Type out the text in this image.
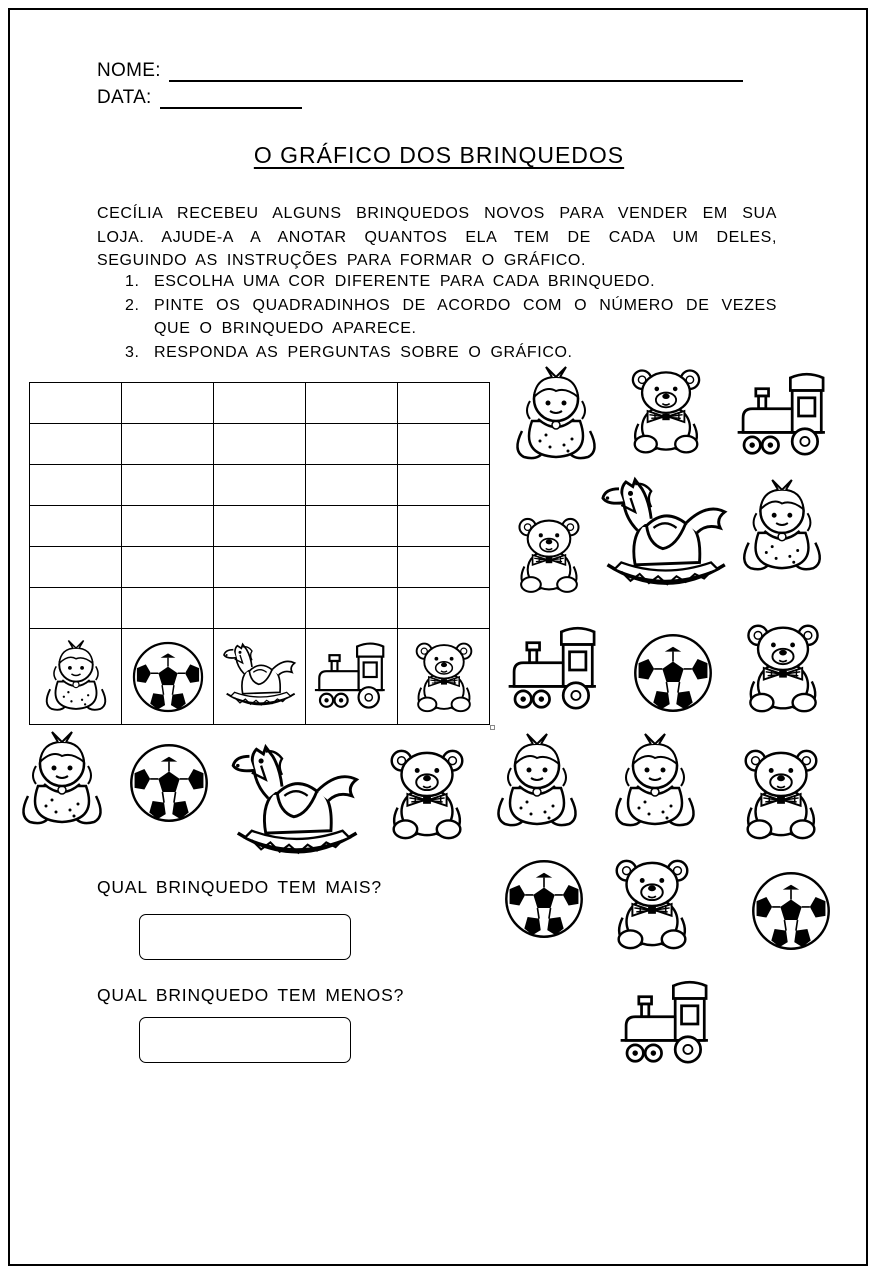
NOME:
DATA:
O GRÁFICO DOS BRINQUEDOS
CECÍLIA RECEBEU ALGUNS BRINQUEDOS NOVOS PARA VENDER EM SUA LOJA. AJUDE-A A ANOTAR QUANTOS ELA TEM DE CADA UM DELES, SEGUINDO AS INSTRUÇÕES PARA FORMAR O GRÁFICO.
1. ESCOLHA UMA COR DIFERENTE PARA CADA BRINQUEDO.
2. PINTE OS QUADRADINHOS DE ACORDO COM O NÚMERO DE VEZES QUE O BRINQUEDO APARECE.
3. RESPONDA AS PERGUNTAS SOBRE O GRÁFICO.

QUAL BRINQUEDO TEM MAIS?
QUAL BRINQUEDO TEM MENOS?
